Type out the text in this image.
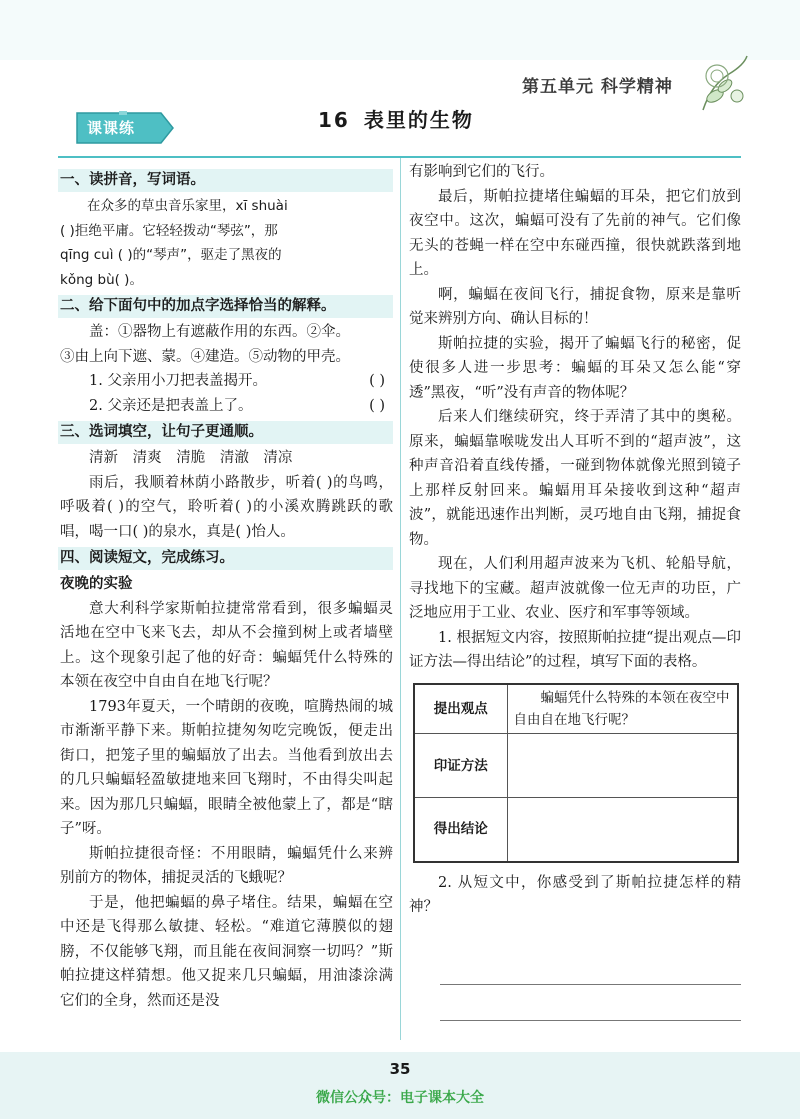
第五单元 科学精神
课课练	16 表里的生物
一、读拼音，写词语。

在众多的草虫音乐家里，xī shuài

( )拒绝平庸。它轻轻拨动“琴弦”，那

qīng cuì ( )的“琴声”，驱走了黑夜的

kǒng bù( )。

二、给下面句中的加点字选择恰当的解释。

盖：①器物上有遮蔽作用的东西。②伞。

③由上向下遮、蒙。④建造。⑤动物的甲壳。

1. 父亲用小刀把表盖揭开。	( )
2. 父亲还是把表盖上了。	( )
三、选词填空，让句子更通顺。

清新 清爽 清脆 清澈 清凉

雨后，我顺着林荫小路散步，听着( )的鸟鸣，呼吸着( )的空气，聆听着( )的小溪欢腾跳跃的歌唱，喝一口( )的泉水，真是( )怡人。

四、阅读短文，完成练习。

夜晚的实验

意大利科学家斯帕拉捷常常看到，很多蝙蝠灵活地在空中飞来飞去，却从不会撞到树上或者墙壁上。这个现象引起了他的好奇：蝙蝠凭什么特殊的本领在夜空中自由自在地飞行呢？

1793年夏天，一个晴朗的夜晚，喧腾热闹的城市渐渐平静下来。斯帕拉捷匆匆吃完晚饭，便走出街口，把笼子里的蝙蝠放了出去。当他看到放出去的几只蝙蝠轻盈敏捷地来回飞翔时，不由得尖叫起来。因为那几只蝙蝠，眼睛全被他蒙上了，都是“瞎子”呀。

斯帕拉捷很奇怪：不用眼睛，蝙蝠凭什么来辨别前方的物体，捕捉灵活的飞蛾呢？

于是，他把蝙蝠的鼻子堵住。结果，蝙蝠在空中还是飞得那么敏捷、轻松。“难道它薄膜似的翅膀，不仅能够飞翔，而且能在夜间洞察一切吗？”斯帕拉捷这样猜想。他又捉来几只蝙蝠，用油漆涂满它们的全身，然而还是没

有影响到它们的飞行。

最后，斯帕拉捷堵住蝙蝠的耳朵，把它们放到夜空中。这次，蝙蝠可没有了先前的神气。它们像无头的苍蝇一样在空中东碰西撞，很快就跌落到地上。

啊，蝙蝠在夜间飞行，捕捉食物，原来是靠听觉来辨别方向、确认目标的！

斯帕拉捷的实验，揭开了蝙蝠飞行的秘密，促使很多人进一步思考：蝙蝠的耳朵又怎么能“穿透”黑夜，“听”没有声音的物体呢？

后来人们继续研究，终于弄清了其中的奥秘。原来，蝙蝠靠喉咙发出人耳听不到的“超声波”，这种声音沿着直线传播，一碰到物体就像光照到镜子上那样反射回来。蝙蝠用耳朵接收到这种“超声波”，就能迅速作出判断，灵巧地自由飞翔，捕捉食物。

现在，人们利用超声波来为飞机、轮船导航，寻找地下的宝藏。超声波就像一位无声的功臣，广泛地应用于工业、农业、医疗和军事等领域。

1. 根据短文内容，按照斯帕拉捷“提出观点—印证方法—得出结论”的过程，填写下面的表格。

提出观点	蝙蝠凭什么特殊的本领在夜空中自由自在地飞行呢？
印证方法	
得出结论	

2. 从短文中，你感受到了斯帕拉捷怎样的精神？

35
微信公众号：电子课本大全
